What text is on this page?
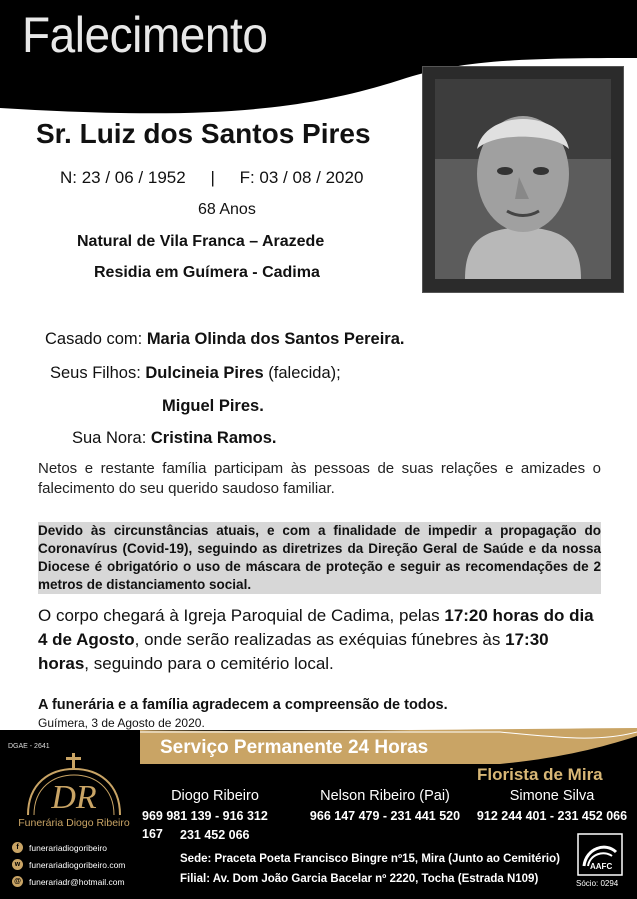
Falecimento
Sr. Luiz dos Santos Pires
N: 23 / 06 / 1952 | F: 03 / 08 / 2020
68 Anos
Natural de Vila Franca – Arazede
Residia em Guímera - Cadima
Casado com: Maria Olinda dos Santos Pereira.
Seus Filhos: Dulcineia Pires (falecida);
Miguel Pires.
Sua Nora: Cristina Ramos.
Netos e restante família participam às pessoas de suas relações e amizades o falecimento do seu querido saudoso familiar.
Devido às circunstâncias atuais, e com a finalidade de impedir a propagação do Coronavírus (Covid-19), seguindo as diretrizes da Direção Geral de Saúde e da nossa Diocese é obrigatório o uso de máscara de proteção e seguir as recomendações de 2 metros de distanciamento social.
O corpo chegará à Igreja Paroquial de Cadima, pelas 17:20 horas do dia 4 de Agosto, onde serão realizadas as exéquias fúnebres às 17:30 horas, seguindo para o cemitério local.
A funerária e a família agradecem a compreensão de todos.
Guímera, 3 de Agosto de 2020.
DGAE - 2641	Serviço Permanente 24 Horas
Florista de Mira
DR
Funerária Diogo Ribeiro
f	funerariadiogoribeiro
w	funerariadiogoribeiro.com
@ funerariadr@hotmail.com
Diogo Ribeiro
969 981 139 - 916 312 167	231 452 066
Nelson Ribeiro (Pai)
966 147 479 - 231 441 520
Simone Silva
912 244 401 - 231 452 066
Sede: Praceta Poeta Francisco Bingre nº15, Mira (Junto ao Cemitério)
Filial: Av. Dom João Garcia Bacelar nº 2220, Tocha (Estrada N109)
AAFC
Sócio: 0294
